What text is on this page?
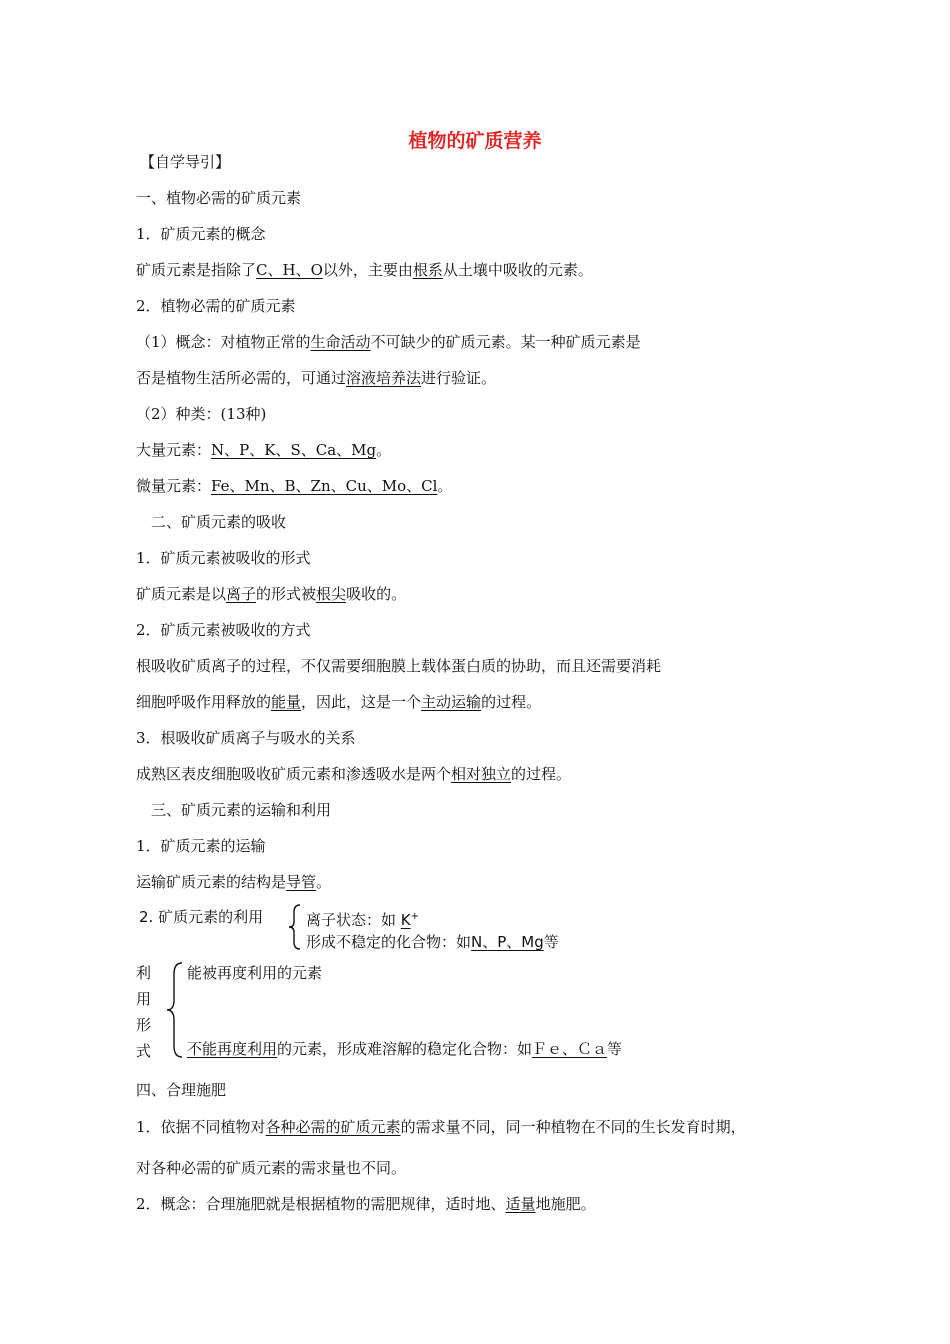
植物的矿质营养
【自学导引】
一、植物必需的矿质元素
1．矿质元素的概念
矿质元素是指除了C、H、O以外，主要由根系从土壤中吸收的元素。
2．植物必需的矿质元素
（1）概念：对植物正常的生命活动不可缺少的矿质元素。某一种矿质元素是
否是植物生活所必需的，可通过溶液培养法进行验证。
（2）种类：(13种)
大量元素：N、P、K、S、Ca、Mg。
微量元素：Fe、Mn、B、Zn、Cu、Mo、Cl。
二、矿质元素的吸收
1．矿质元素被吸收的形式
矿质元素是以离子的形式被根尖吸收的。
2．矿质元素被吸收的方式
根吸收矿质离子的过程，不仅需要细胞膜上载体蛋白质的协助，而且还需要消耗
细胞呼吸作用释放的能量，因此，这是一个主动运输的过程。
3．根吸收矿质离子与吸水的关系
成熟区表皮细胞吸收矿质元素和渗透吸水是两个相对独立的过程。
三、矿质元素的运输和利用
1．矿质元素的运输
运输矿质元素的结构是导管。
2. 矿质元素的利用	离子状态：如 K+
形成不稳定的化合物：如N、P、Mg等
利
用
形
式
能被再度利用的元素
不能再度利用的元素，形成难溶解的稳定化合物：如Ｆｅ、Ｃａ等
四、合理施肥
1．依据不同植物对各种必需的矿质元素的需求量不同，同一种植物在不同的生长发育时期，
对各种必需的矿质元素的需求量也不同。
2．概念：合理施肥就是根据植物的需肥规律，适时地、适量地施肥。
